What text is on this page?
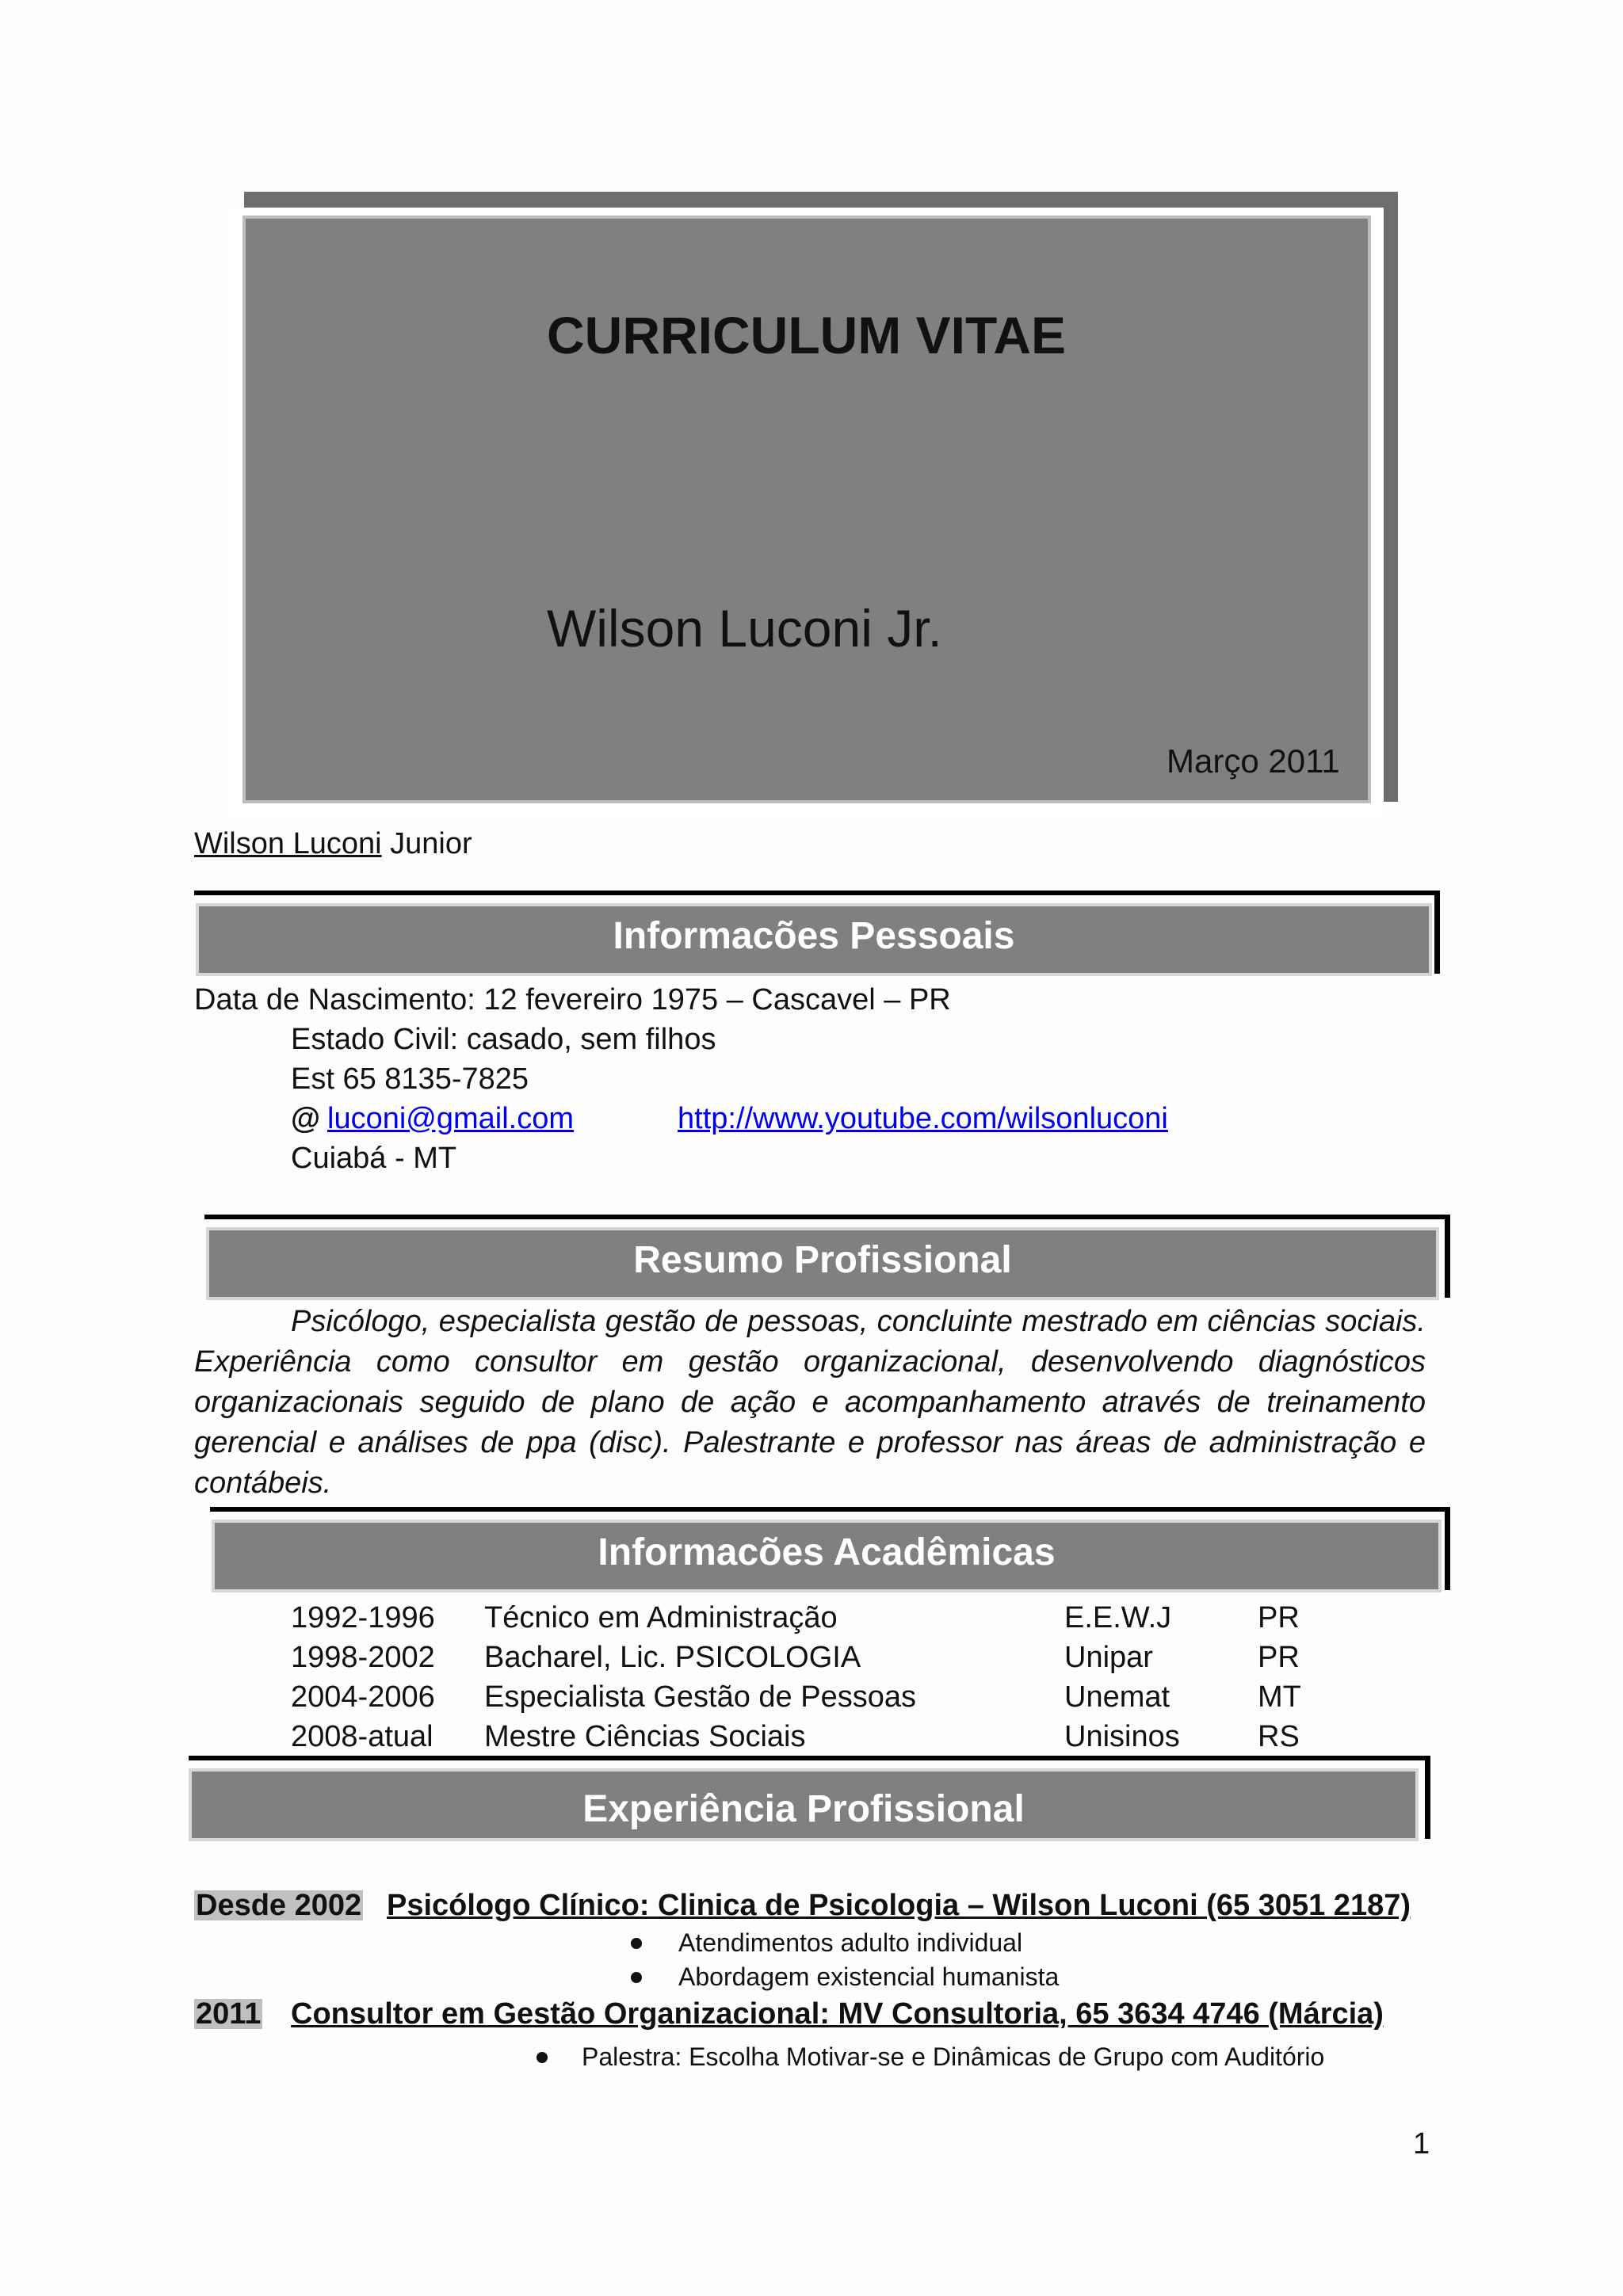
CURRICULUM VITAE
Wilson Luconi Jr.
Março 2011
Wilson Luconi Junior
Informacões Pessoais
Data de Nascimento: 12 fevereiro 1975 – Cascavel – PR
Estado Civil: casado, sem filhos
Est 65 8135-7825
@ luconi@gmail.com	http://www.youtube.com/wilsonluconi
Cuiabá - MT
Resumo Profissional

Psicólogo, especialista gestão de pessoas, concluinte mestrado em ciências sociais. Experiência como consultor em gestão organizacional, desenvolvendo diagnósticos organizacionais seguido de plano de ação e acompanhamento através de treinamento gerencial e análises de ppa (disc). Palestrante e professor nas áreas de administração e contábeis.

Informacões Acadêmicas
1992-1996 Técnico em Administração	E.E.W.J	PR
1998-2002 Bacharel, Lic. PSICOLOGIA	Unipar	PR
2004-2006 Especialista Gestão de Pessoas	Unemat	MT
2008-atual Mestre Ciências Sociais	Unisinos	RS
Experiência Profissional
Desde 2002 Psicólogo Clínico: Clinica de Psicologia – Wilson Luconi (65 3051 2187)
Atendimentos adulto individual
Abordagem existencial humanista
2011 Consultor em Gestão Organizacional: MV Consultoria, 65 3634 4746 (Márcia)
Palestra: Escolha Motivar-se e Dinâmicas de Grupo com Auditório
1
